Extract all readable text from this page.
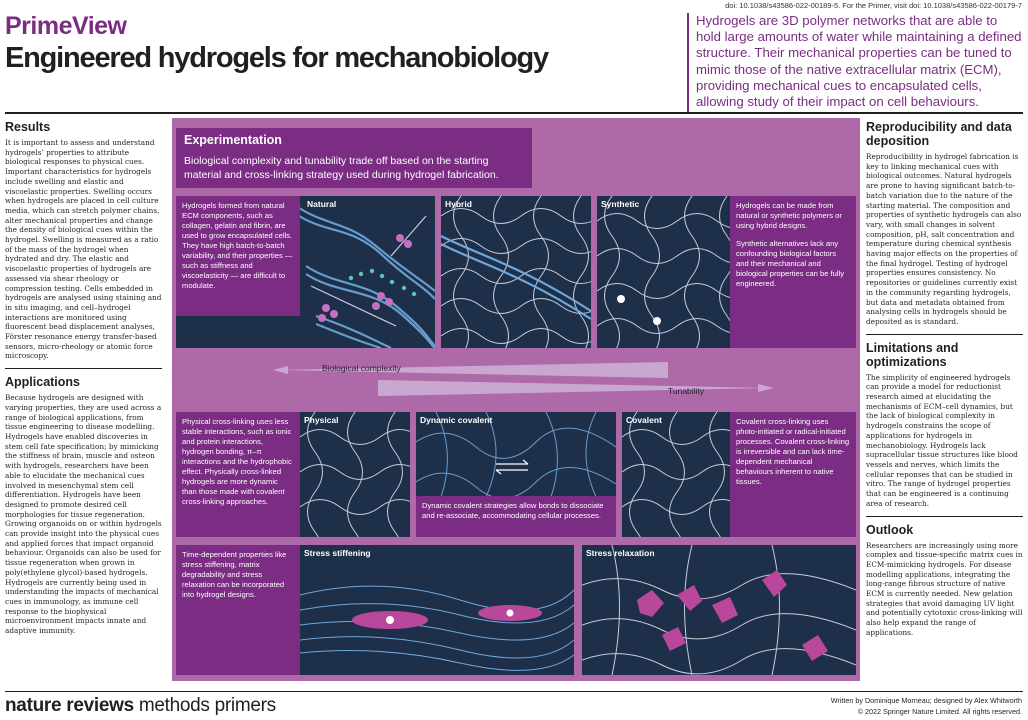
doi: 10.1038/s43586-022-00189-5. For the Primer, visit doi: 10.1038/s43586-022-00179-7
PrimeView
Engineered hydrogels for mechanobiology
Hydrogels are 3D polymer networks that are able to hold large amounts of water while maintaining a defined structure. Their mechanical properties can be tuned to mimic those of the native extracellular matrix (ECM), providing mechanical cues to encapsulated cells, allowing study of their impact on cell behaviours.
Results
It is important to assess and understand hydrogels’ properties to attribute biological responses to physical cues. Important characteristics for hydrogels include swelling and elastic and viscoelastic properties. Swelling occurs when hydrogels are placed in cell culture media, which can stretch polymer chains, alter mechanical properties and change the density of biological cues within the hydrogel. Swelling is measured as a ratio of the mass of the hydrogel when hydrated and dry. The elastic and viscoelastic properties of hydrogels are assessed via shear rheology or compression testing. Cells embedded in hydrogels are analysed using staining and in situ imaging, and cell–hydrogel interactions are monitored using fluorescent bead displacement analyses, Förster resonance energy transfer-based sensors, micro-rheology or atomic force microscopy.
Applications
Because hydrogels are designed with varying properties, they are used across a range of biological applications, from tissue engineering to disease modelling. Hydrogels have enabled discoveries in stem cell fate specification; by mimicking the stiffness of brain, muscle and osteon with hydrogels, researchers have been able to elucidate the mechanical cues involved in mesenchymal stem cell differentiation. Hydrogels have been designed to promote desired cell morphologies for tissue regeneration. Growing organoids on or within hydrogels can provide insight into the physical cues and applied forces that impact organoid behaviour. Organoids can also be used for tissue regeneration when grown in poly(ethylene glycol)-based hydrogels. Hydrogels are currently being used in understanding the impacts of mechanical cues in immunology, as immune cell response to the biophysical microenvironment impacts innate and adaptive immunity.
Experimentation
Biological complexity and tunability trade off based on the starting material and cross-linking strategy used during hydrogel fabrication.
Natural
Hydrogels formed from natural ECM components, such as collagen, gelatin and fibrin, are used to grow encapsulated cells. They have high batch-to-batch variability, and their properties — such as stiffness and viscoelasticity — are difficult to modulate.
Hybrid	Synthetic	Hydrogels can be made from natural or synthetic polymers or using hybrid designs.
Synthetic alternatives lack any confounding biological factors and their mechanical and biological properties can be fully engineered.
Biological complexity
Tunability
Physical cross-linking uses less stable interactions, such as ionic and protein interactions, hydrogen bonding, π–π interactions and the hydrophobic effect. Physically cross-linked hydrogels are more dynamic than those made with covalent cross-linking approaches.
Physical	Dynamic covalent
Dynamic covalent strategies allow bonds to dissociate and re-associate, accommodating cellular processes.
Covalent	Covalent cross-linking uses photo-initiated or radical-initiated processes. Covalent cross-linking is irreversible and can lack time-dependent mechanical behaviours inherent to native tissues.
Time-dependent properties like stress stiffening, matrix degradability and stress relaxation can be incorporated into hydrogel designs.
Stress stiffening	Stress relaxation
Reproducibility and data deposition
Reproducibility in hydrogel fabrication is key to linking mechanical cues with biological outcomes. Natural hydrogels are prone to having significant batch-to-batch variation due to the nature of the starting material. The composition and properties of synthetic hydrogels can also vary, with small changes in solvent composition, pH, salt concentration and temperature during chemical synthesis having major effects on the properties of the final hydrogel. Testing of hydrogel properties ensures consistency. No repositories or guidelines currently exist in the community regarding hydrogels, but data and metadata obtained from analysing cells in hydrogels should be deposited as is standard.
Limitations and optimizations
The simplicity of engineered hydrogels can provide a model for reductionist research aimed at elucidating the mechanisms of ECM–cell dynamics, but the lack of biological complexity in hydrogels constrains the scope of applications for hydrogels in mechanobiology. Hydrogels lack supracellular tissue structures like blood vessels and nerves, which limits the cellular reponses that can be studied in vitro. The range of hydrogel properties that can be engineered is a continuing area of research.
Outlook
Researchers are increasingly using more complex and tissue-specific matrix cues in ECM-mimicking hydrogels. For disease modelling applications, integrating the long-range fibrous structure of native ECM is currently needed. New gelation strategies that avoid damaging UV light and potentially cytotoxic cross-linking will also help expand the range of applications.
nature reviews methods primers	Written by Dominique Morneau; designed by Alex Whitworth
© 2022 Springer Nature Limited. All rights reserved.
